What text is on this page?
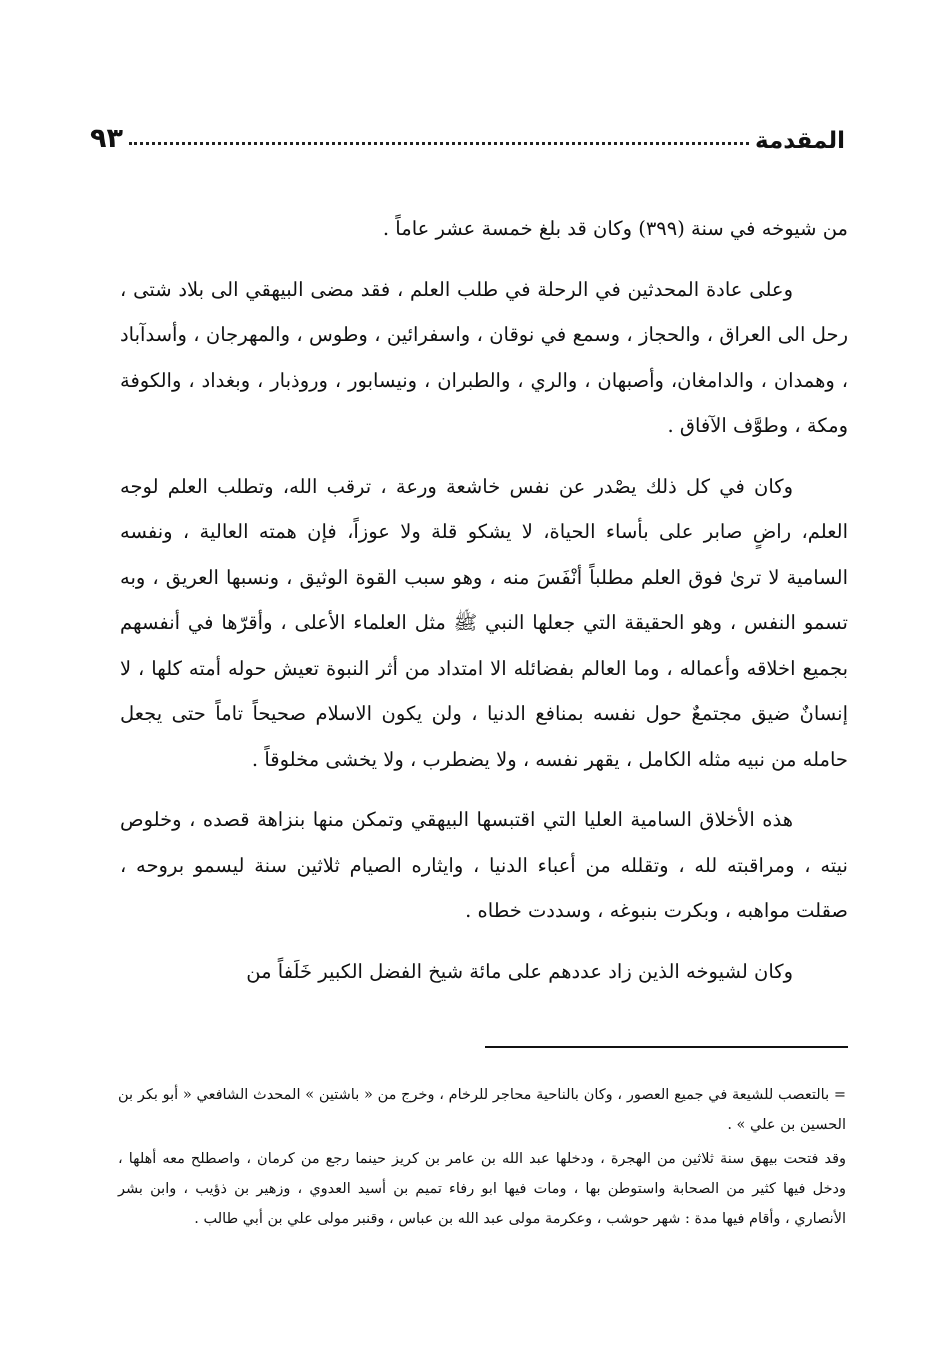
المقدمة
٩٣

من شيوخه في سنة (٣٩٩) وكان قد بلغ خمسة عشر عاماً .

وعلى عادة المحدثين في الرحلة في طلب العلم ، فقد مضى البيهقي الى بلاد شتى ، رحل الى العراق ، والحجاز ، وسمع في نوقان ، واسفرائين ، وطوس ، والمهرجان ، وأسدآباد ، وهمدان ، والدامغان، وأصبهان ، والري ، والطبران ، ونيسابور ، وروذبار ، وبغداد ، والكوفة ومكة ، وطوَّف الآفاق .

وكان في كل ذلك يصْدر عن نفس خاشعة ورعة ، ترقب الله، وتطلب العلم لوجه العلم، راضٍ صابر على بأساء الحياة، لا يشكو قلة ولا عوزاً، فإن همته العالية ، ونفسه السامية لا ترىٰ فوق العلم مطلباً أنْفَسَ منه ، وهو سبب القوة الوثيق ، ونسبها العريق ، وبه تسمو النفس ، وهو الحقيقة التي جعلها النبي ﷺ مثل العلماء الأعلى ، وأقرّها في أنفسهم بجميع اخلاقه وأعماله ، وما العالم بفضائله الا امتداد من أثر النبوة تعيش حوله أمته كلها ، لا إنسانٌ ضيق مجتمعٌ حول نفسه بمنافع الدنيا ، ولن يكون الاسلام صحيحاً تاماً حتى يجعل حامله من نبيه مثله الكامل ، يقهر نفسه ، ولا يضطرب ، ولا يخشى مخلوقاً .

هذه الأخلاق السامية العليا التي اقتبسها البيهقي وتمكن منها بنزاهة قصده ، وخلوص نيته ، ومراقبته لله ، وتقلله من أعباء الدنيا ، وايثاره الصيام ثلاثين سنة ليسمو بروحه ، صقلت مواهبه ، وبكرت بنبوغه ، وسددت خطاه .

وكان لشيوخه الذين زاد عددهم على مائة شيخ الفضل الكبير خَلَفاً من

= بالتعصب للشيعة في جميع العصور ، وكان بالناحية محاجر للرخام ، وخرج من « باشتين » المحدث الشافعي « أبو بكر بن الحسين بن علي » .

وقد فتحت بيهق سنة ثلاثين من الهجرة ، ودخلها عبد الله بن عامر بن كريز حينما رجع من كرمان ، واصطلح معه أهلها ، ودخل فيها كثير من الصحابة واستوطن بها ، ومات فيها ابو رفاء تميم بن أسيد العدوي ، وزهير بن ذؤيب ، وابن بشر الأنصاري ، وأقام فيها مدة : شهر حوشب ، وعكرمة مولى عبد الله بن عباس ، وقنبر مولى علي بن أبي طالب .
